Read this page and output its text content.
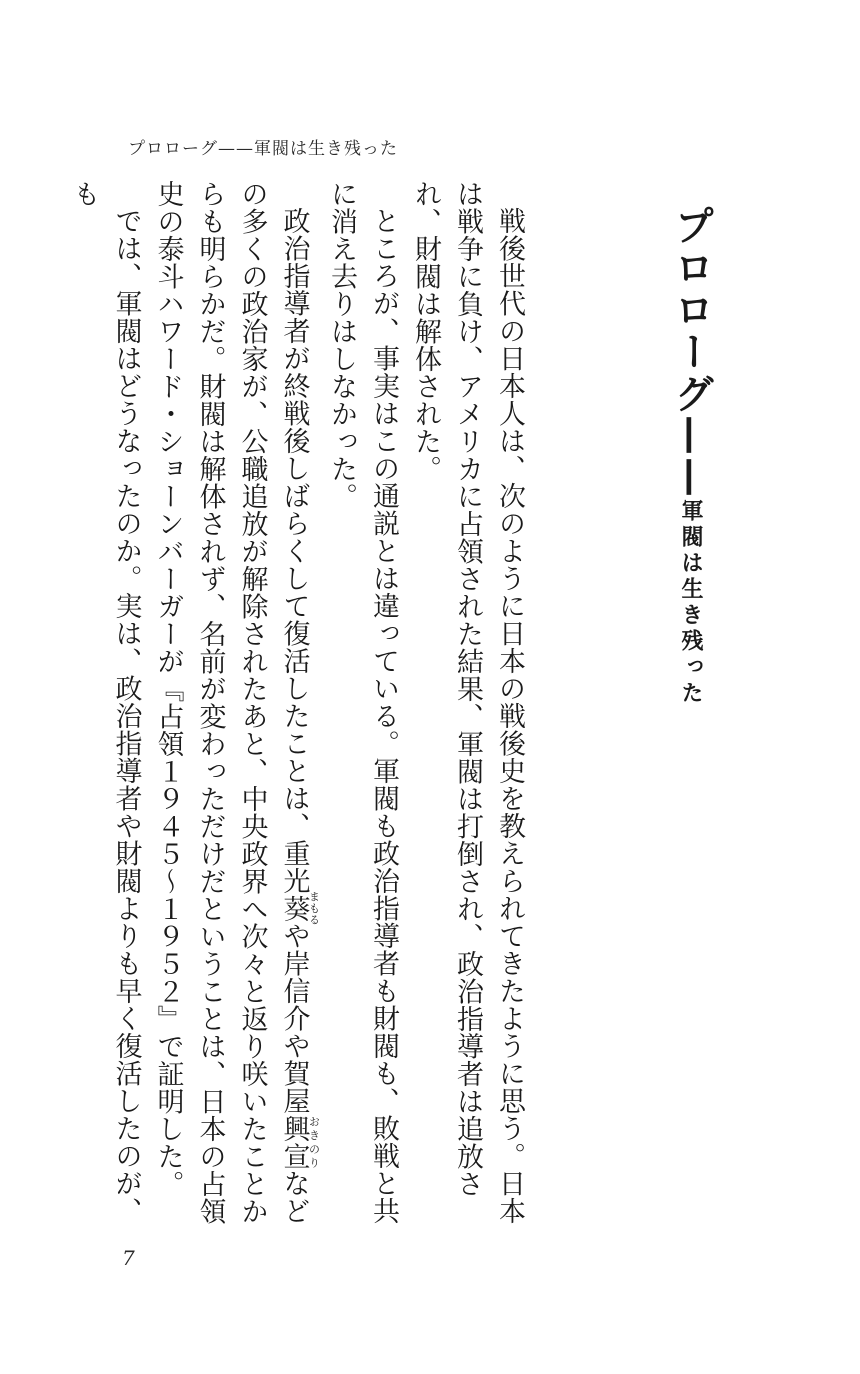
プロローグ——軍閥は生き残った
プロローグ——軍閥は生き残った

戦後世代の日本人は、次のように日本の戦後史を教えられてきたように思う。日本は戦争に負け、アメリカに占領された結果、軍閥は打倒され、政治指導者は追放され、財閥は解体された。

ところが、事実はこの通説とは違っている。軍閥も政治指導者も財閥も、敗戦と共に消え去りはしなかった。

政治指導者が終戦後しばらくして復活したことは、重光葵まもるや岸信介や賀屋興宣おきのりなどの多くの政治家が、公職追放が解除されたあと、中央政界へ次々と返り咲いたことからも明らかだ。財閥は解体されず、名前が変わっただけだということは、日本の占領史の泰斗ハワード・ショーンバーガーが『占領１９４５〜１９５２』で証明した。

では、軍閥はどうなったのか。実は、政治指導者や財閥よりも早く復活したのが、も

7
